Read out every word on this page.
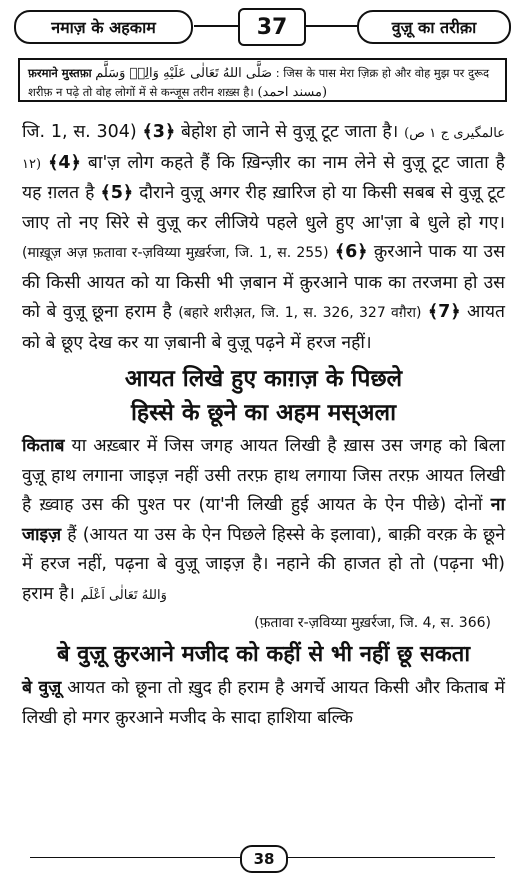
नमाज़ के अहकाम	37	वुज़ू का तरीक़ा
फ़रमाने मुस्तफ़ा صَلَّى اللهُ تَعَالٰى عَلَيْهِ وَالِهٖ وَسَلَّم : जिस के पास मेरा ज़िक्र हो और वोह मुझ पर दुरूद शरीफ़ न पढ़े तो वोह लोगों में से कन्जूस तरीन शख़्स है। (مسند احمد)

जि. 1, स. 304) ﴾3﴿ बेहोश हो जाने से वुज़ू टूट जाता है। (عالمگیری ج ۱ ص ۱۲) ﴾4﴿ बा'ज़ लोग कहते हैं कि ख़िन्ज़ीर का नाम लेने से वुज़ू टूट जाता है यह ग़लत है ﴾5﴿ दौराने वुज़ू अगर रीह ख़ारिज हो या किसी सबब से वुज़ू टूट जाए तो नए सिरे से वुज़ू कर लीजिये पहले धुले हुए आ'ज़ा बे धुले हो गए। (माख़ूज़ अज़ फ़तावा र-ज़विय्या मुख़र्रजा, जि. 1, स. 255) ﴾6﴿ क़ुरआने पाक या उस की किसी आयत को या किसी भी ज़बान में क़ुरआने पाक का तरजमा हो उस को बे वुज़ू छूना हराम है (बहारे शरीअ़त, जि. 1, स. 326, 327 वग़ैरा) ﴾7﴿ आयत को बे छूए देख कर या ज़बानी बे वुज़ू पढ़ने में हरज नहीं।

आयत लिखे हुए काग़ज़ के पिछले
हिस्से के छूने का अहम मस्अला

किताब या अख़्बार में जिस जगह आयत लिखी है ख़ास उस जगह को बिला वुज़ू हाथ लगाना जाइज़ नहीं उसी तरफ़ हाथ लगाया जिस तरफ़ आयत लिखी है ख़्वाह उस की पुश्त पर (या'नी लिखी हुई आयत के ऐन पीछे) दोनों ना जाइज़ हैं (आयत या उस के ऐन पिछले हिस्से के इलावा), बाक़ी वरक़ के छूने में हरज नहीं, पढ़ना बे वुज़ू जाइज़ है। नहाने की हाजत हो तो (पढ़ना भी) हराम है। وَاللهُ تَعَالٰى اَعْلَم

(फ़तावा र-ज़विय्या मुख़र्रजा, जि. 4, स. 366)
बे वुज़ू क़ुरआने मजीद को कहीं से भी नहीं छू सकता

बे वुज़ू आयत को छूना तो ख़ुद ही हराम है अगर्चे आयत किसी और किताब में लिखी हो मगर क़ुरआने मजीद के सादा हाशिया बल्कि

38
